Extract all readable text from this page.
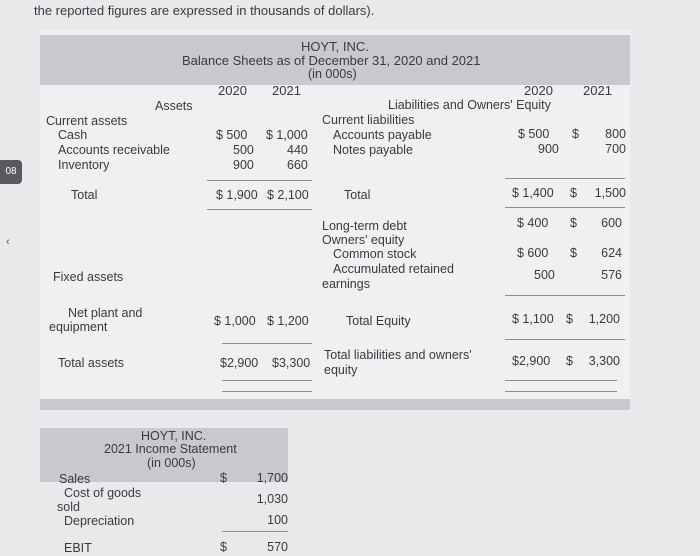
the reported figures are expressed in thousands of dollars).
08
‹
HOYT, INC.
Balance Sheets as of December 31, 2020 and 2021
(in 000s)
2020 2021	2020 2021
Assets	Liabilities and Owners' Equity
Current assets
Cash	$ 500 $ 1,000
Accounts receivable	500	440
Inventory	900	660
Total	$ 1,900 $ 2,100
Fixed assets
Net plant and
equipment	$ 1,000 $ 1,200
Total assets	$2,900 $3,300
Current liabilities
Accounts payable	$ 500 $	800
Notes payable	900	700
Total	$ 1,400 $	1,500
Long-term debt	$ 400 $	600
Owners' equity
Common stock	$ 600 $	624
Accumulated retained
earnings
500	576
Total Equity	$ 1,100 $	1,200
Total liabilities and owners'
equity
$2,900 $	3,300
HOYT, INC.
2021 Income Statement
(in 000s)
Sales	$	1,700
Cost of goods
sold
1,030
Depreciation	100
EBIT	$	570
